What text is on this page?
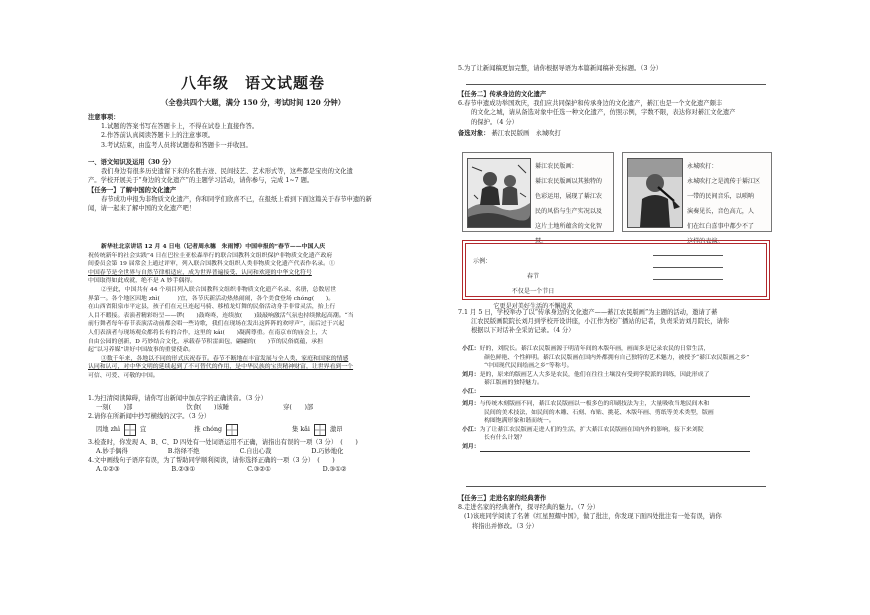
八年级　语文试题卷
（全卷共四个大题，满分 150 分，考试时间 120 分钟）

注意事项：

1.试题的答案书写在答题卡上，不得在试卷上直接作答。

2.作答前认真阅读答题卡上的注意事项。

3.考试结束，由监考人员将试题卷和答题卡一并收回。

一、语文知识及运用（30 分）

我们身边有很多历史遗留下来的名胜古迹、民间技艺、艺术形式等，这些都是宝贵的文化遗

产。学校开展关于“身边的文化遗产”的主题学习活动，请你参与，完成 1~7 题。

【任务一】了解中国的文化遗产

春节成功申报为非物质文化遗产，你和同学们欣喜不已，在报纸上看到下面这篇关于春节申遗的新

闻，请一起来了解中国的文化遗产吧！

新华社北京讲话 12 月 4 日电（记者周永穗　朱雨博）中国申报的“春节——中国人庆

祝传统新年的社会实践”4 日在巴拉圭亚松森举行的联合国教科文组织保护非物质文化遗产政府

间委员会第 19 届常会上通过评审，列入联合国教科文组织人类非物质文化遗产代表作名录。①

中国春节是全世界与自然节律相适应，成为世界普遍接受、认同和欢迎的中华文化符号

中国取得如此成就，绝不是 A 妙手偶得。

②至此，中国共有 44 个项目列入联合国教科文组织非物质文化遗产名录、名册，总数居世

界第一。各个地区因地 zhì(　　　)宜，各节庆新活动热热闹闹，各个美食登场 chóng(　　)。

在山西省阳泉市平定县，孩子们在元旦连起马骑、移植龙灯舞的民俗活动身手非常灵活，抬上行

人目不暇接。表演者精彩纷呈——锣(　　)鼓咚咚，连续放(　　)鼓敲响激活气氛也持续掀起高潮。“当

前行舞者每年春节表演活动前都会唱一些诗歌，我们在现场在发出这阵阵的欢呼声”，而后过于兴起

人们表演者与现场观众都将长有的合作，这里的 kǎi(　　)凝满尊重。在南京市的庙会上，大

自由公园的创新，D 巧妙结合文化，承载春节积雷面包，翩翩的(　　)节的民俗底蕴，承担

起“以习养媒”讲好中国故事的重要使命。

③数千年来，各地以不同的形式庆祝春节。春节不断地在丰富发展与全人类、家庭和国家的情感

认同和认可，对中华文明的延续起到了不可替代的作用，是中华民族的宝贵精神财富，让世界看到一个

可信、可爱、可敬的中国。

1.为扫清阅读障碍，请你写出新闻中加点字的正确读音。（3 分）

一刻(　　)部	饮食(　　)该睡	穿(　　)部

2.请你在所新闻中抄写横线的汉字。（3 分）

因地 zhì	宜	推 chóng	集 kǎi	激昂

3.检查时，你发现 A、B、C、D 四处有一处词语运用不正确，请指出有误的一项（3 分）　(　　)

A.妙手偶得	B.络绎不绝	C.自出心裁	D.巧妙地化

4.文中画线句子语序有误，为了帮助同学顺利阅读，请你选择正确的一项（3 分）　(　　)

A.①②③	B.②③①	C.③②①	D.③①②

5.为了让新闻稿更加完整，请你根据导语为本篇新闻稿补充标题。（3 分）

【任务二】传承身边的文化遗产

6.春节申遗成功举国欢庆，我们应共同保护和传承身边的文化遗产，綦江也是一个文化遗产颇丰

的文化之城，请从备选对象中任选一种文化遗产，仿照示例，字数不限，表达你对綦江文化遗产

的保护。（4 分）

备选对象： 綦江农民版画　永城吹打

綦江农民版画：

綦江农民版画以其独特的

色彩运用，展现了綦江农

民的风俗与生产实况以及

这片土地所蕴含的文化智

慧。

永城吹打：

永城吹打之是流传于綦江区

一带的民间音乐，以唢呐

演奏见长，音色高亢，人

们在红白喜事中都少不了

这样的表演。

示例：

春节

不仅是一个节日

它更是对美好生活的不懈追求

7.1 月 5 日，学校举办了以“传承身边的文化遗产——綦江农民版画”为主题的活动，邀请了綦

江农民版画院院长刘月到学校开设讲座，小江作为校广播站的记者，负责采访刘月院长，请你

根据以下对话补全采访记录。（4 分）

小江：好的，刘院长。綦江农民版画源于明清年间的木版年画，画面多是记录农民的日常生活，

颜色鲜艳、个性鲜明。綦江农民版画在国内外都拥有自己独特的艺术魅力，被授予“綦江农民版画之乡”

“中国现代民间绘画之乡”等称号。

刘月：是的，原来的版画艺人大多是农民，他们在往往土壤没有受到学院派的训练，因此形成了

綦江版画的独特魅力。

小江：

刘月：与传统木刻版画不同，綦江农民版画以一板多色的印刷技法为主，大量吸收当地民间木和

民间的美术技法，如民间的木雕、石刻、布贴、挑花、木版年画、剪纸等美术类型，版画

构图饱满形象和谐而统一。

小江：为了让綦江农民版画走进人们的生活，扩大綦江农民版画在国内外的影响，接下来刘院

长有什么计划？

刘月：

【任务三】走进名家的经典著作

8.走进名家的经典著作，探寻经典的魅力。（7 分）

(1)该班同学阅读了名著《红星照耀中国》，做了批注，你发现下面四处批注有一处有误，请你

将指出并修改。（3 分）
